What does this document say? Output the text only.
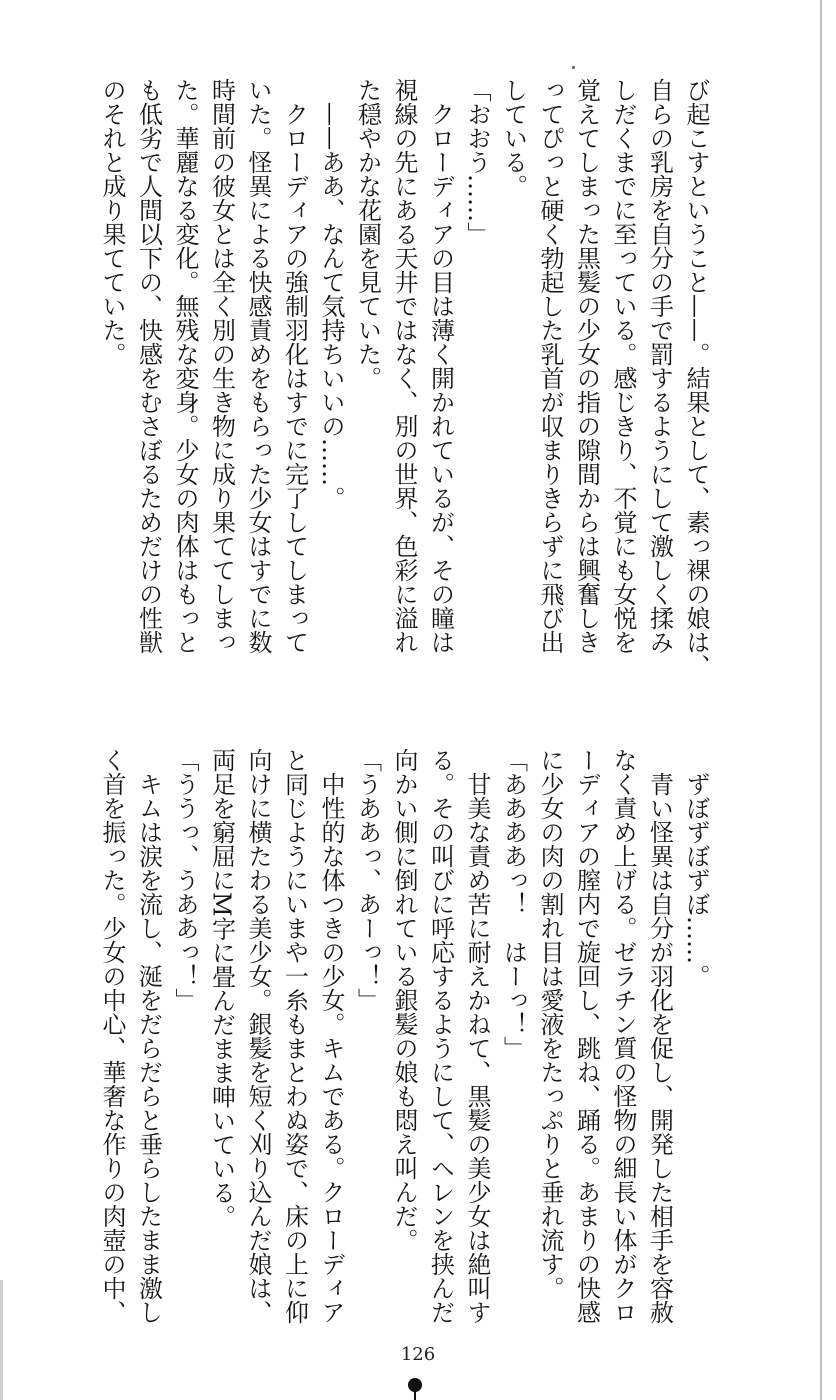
び起こすということ——。結果として、素っ裸の娘は、
自らの乳房を自分の手で罰するようにして激しく揉み
しだくまでに至っている。感じきり、不覚にも女悦を
覚えてしまった黒髪の少女の指の隙間からは興奮しき
ってぴっと硬く勃起した乳首が収まりきらずに飛び出
している。
「おおう……」
　クローディアの目は薄く開かれているが、その瞳は
視線の先にある天井ではなく、別の世界、色彩に溢れ
た穏やかな花園を見ていた。
　——ああ、なんて気持ちいいの……。
　クローディアの強制羽化はすでに完了してしまって
いた。怪異による快感責めをもらった少女はすでに数
時間前の彼女とは全く別の生き物に成り果ててしまっ
た。華麗なる変化。無残な変身。少女の肉体はもっと
も低劣で人間以下の、快感をむさぼるためだけの性獣
のそれと成り果てていた。
　ずぼずぼずぼ……。
　青い怪異は自分が羽化を促し、開発した相手を容赦
なく責め上げる。ゼラチン質の怪物の細長い体がクロ
ーディアの膣内で旋回し、跳ね、踊る。あまりの快感
に少女の肉の割れ目は愛液をたっぷりと垂れ流す。
「ああああっ！　はーっ！」
　甘美な責め苦に耐えかねて、黒髪の美少女は絶叫す
る。その叫びに呼応するようにして、ヘレンを挟んだ
向かい側に倒れている銀髪の娘も悶え叫んだ。
「うああっ、あーっ！」
　中性的な体つきの少女。キムである。クローディア
と同じようにいまや一糸もまとわぬ姿で、床の上に仰
向けに横たわる美少女。銀髪を短く刈り込んだ娘は、
両足を窮屈にM字に畳んだまま呻いている。
「ううっ、うああっ！」
　キムは涙を流し、涎をだらだらと垂らしたまま激し
く首を振った。少女の中心、華奢な作りの肉壺の中、
126
